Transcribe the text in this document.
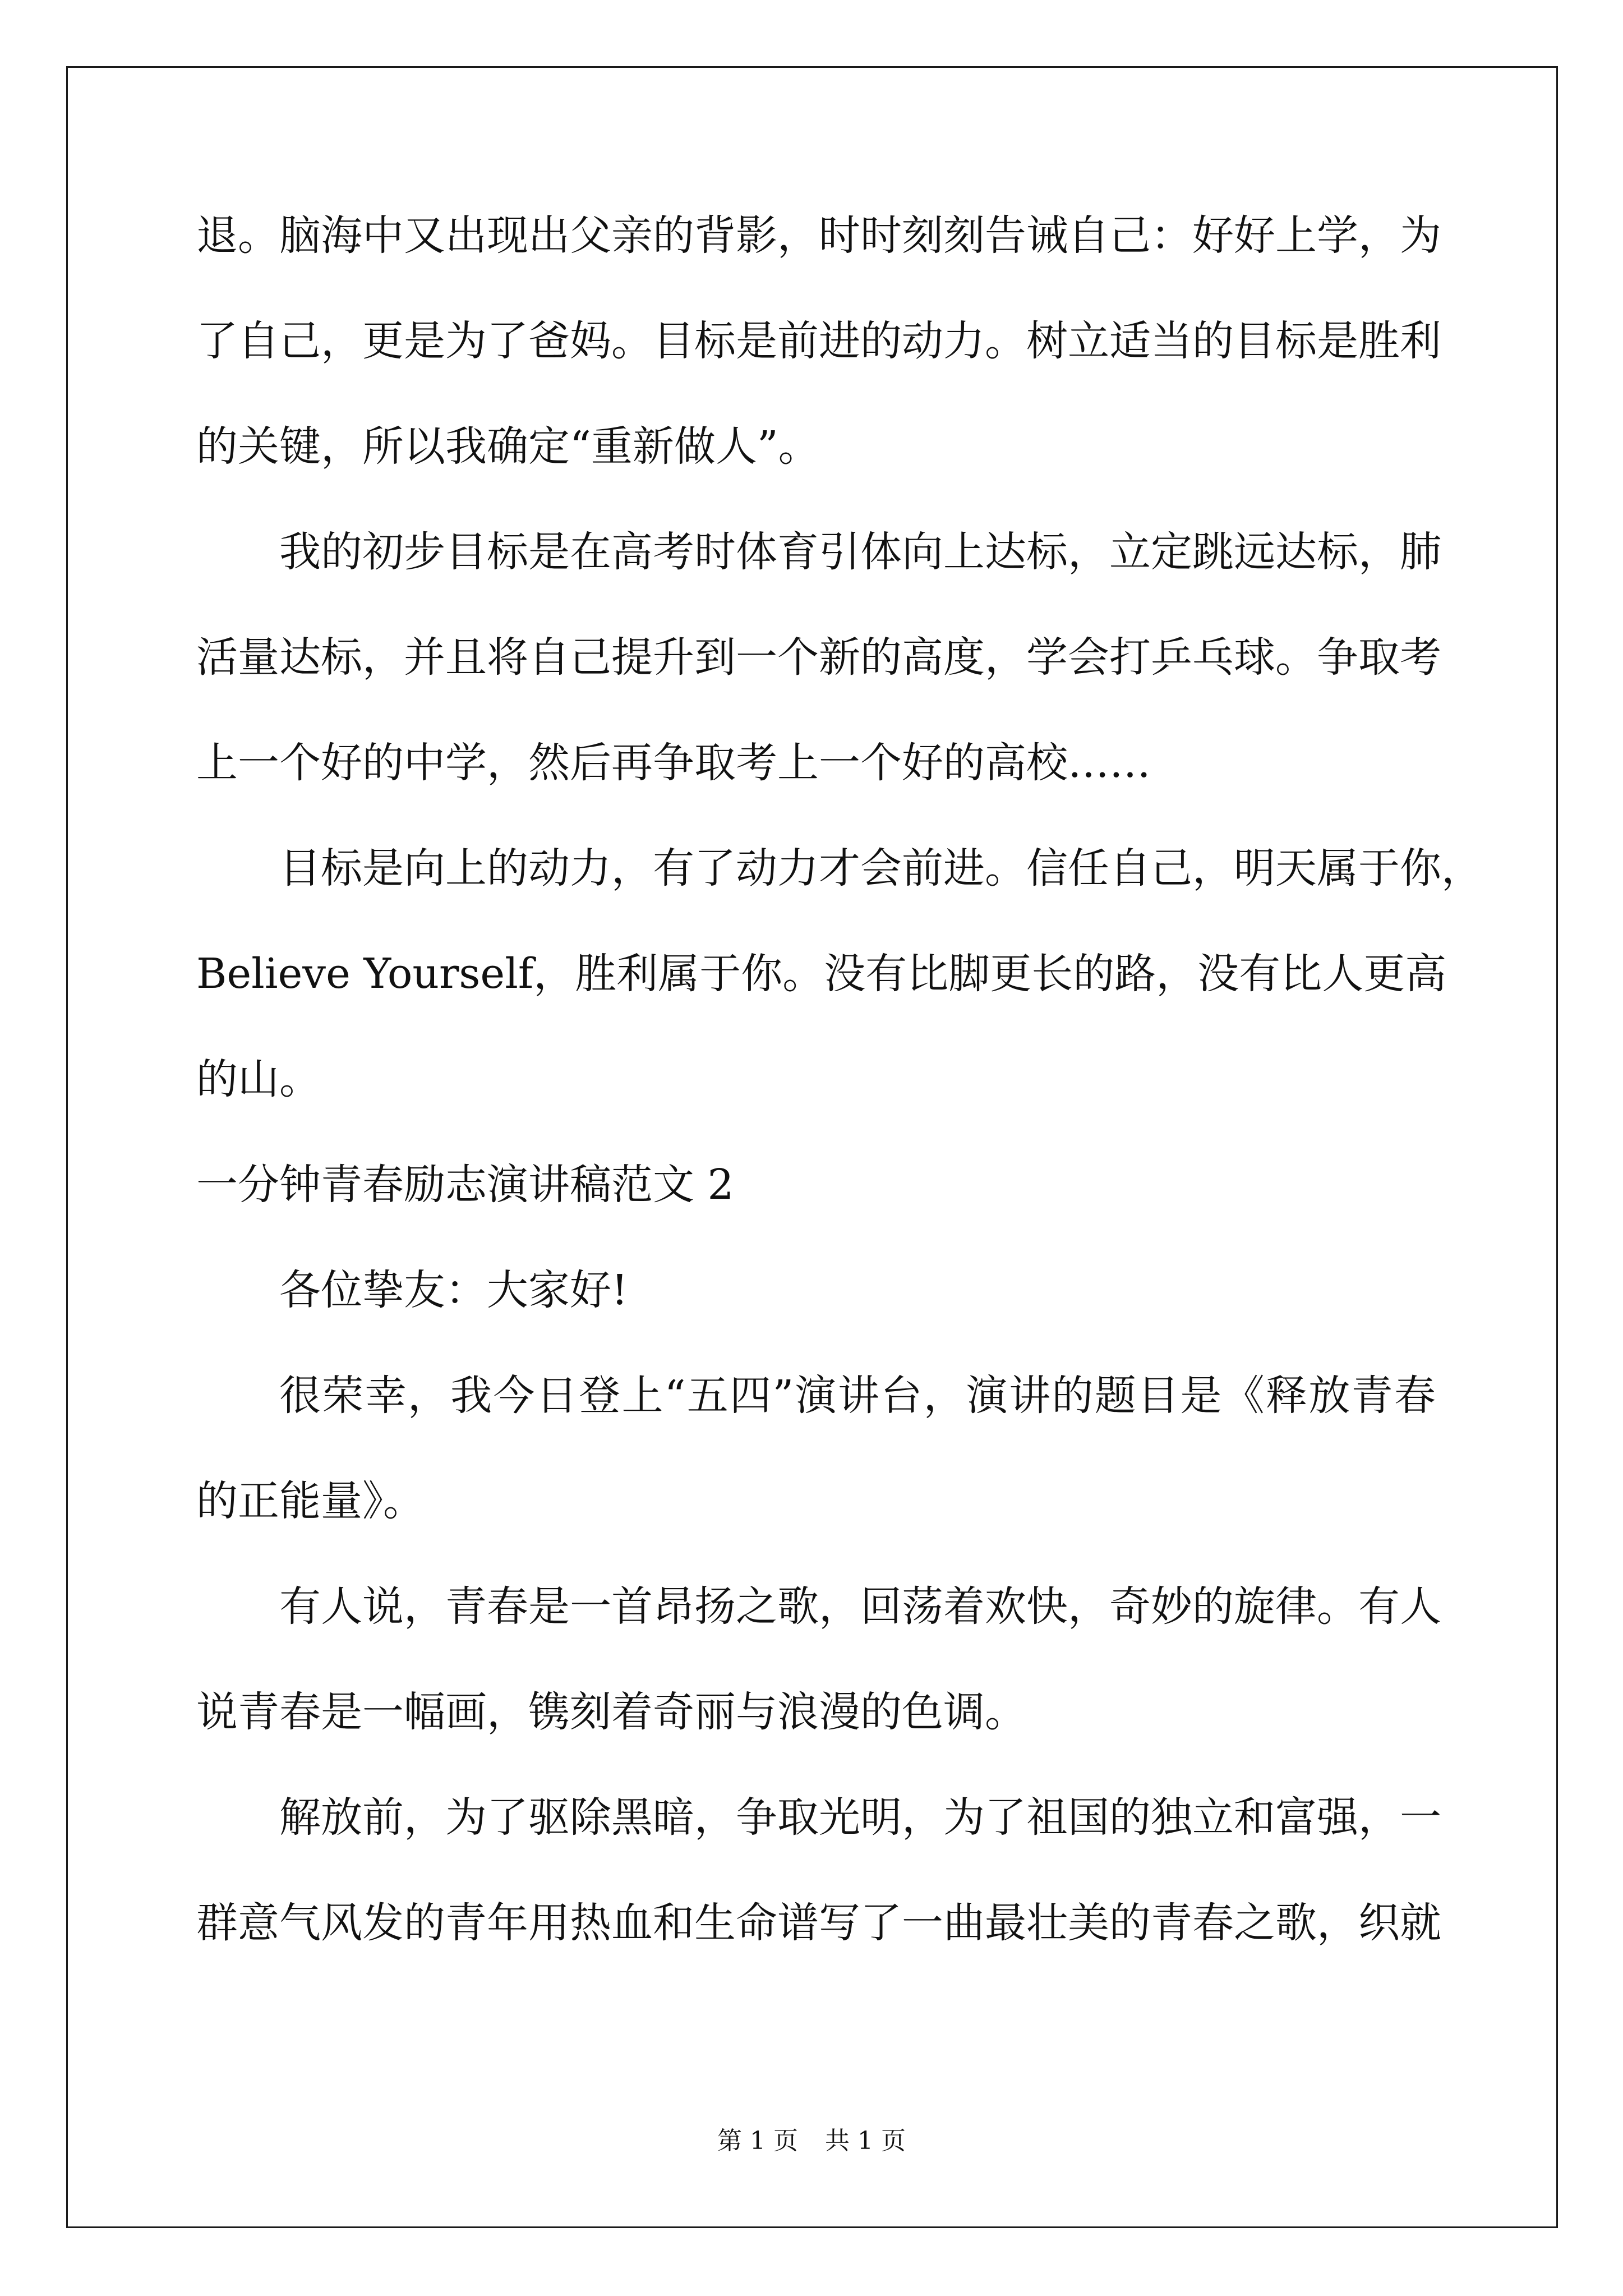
退。脑海中又出现出父亲的背影，时时刻刻告诫自己：好好上学，为
了自己，更是为了爸妈。目标是前进的动力。树立适当的目标是胜利
的关键，所以我确定“重新做人”。
我的初步目标是在高考时体育引体向上达标，立定跳远达标，肺
活量达标，并且将自己提升到一个新的高度，学会打乒乓球。争取考
上一个好的中学，然后再争取考上一个好的高校……
目标是向上的动力，有了动力才会前进。信任自己，明天属于你，
Believe Yourself，胜利属于你。没有比脚更长的路，没有比人更高
的山。
一分钟青春励志演讲稿范文 2
各位挚友：大家好!
很荣幸，我今日登上“五四”演讲台，演讲的题目是《释放青春
的正能量》。
有人说，青春是一首昂扬之歌，回荡着欢快，奇妙的旋律。有人
说青春是一幅画，镌刻着奇丽与浪漫的色调。
解放前，为了驱除黑暗，争取光明，为了祖国的独立和富强，一
群意气风发的青年用热血和生命谱写了一曲最壮美的青春之歌，织就
第 1 页 共 1 页
